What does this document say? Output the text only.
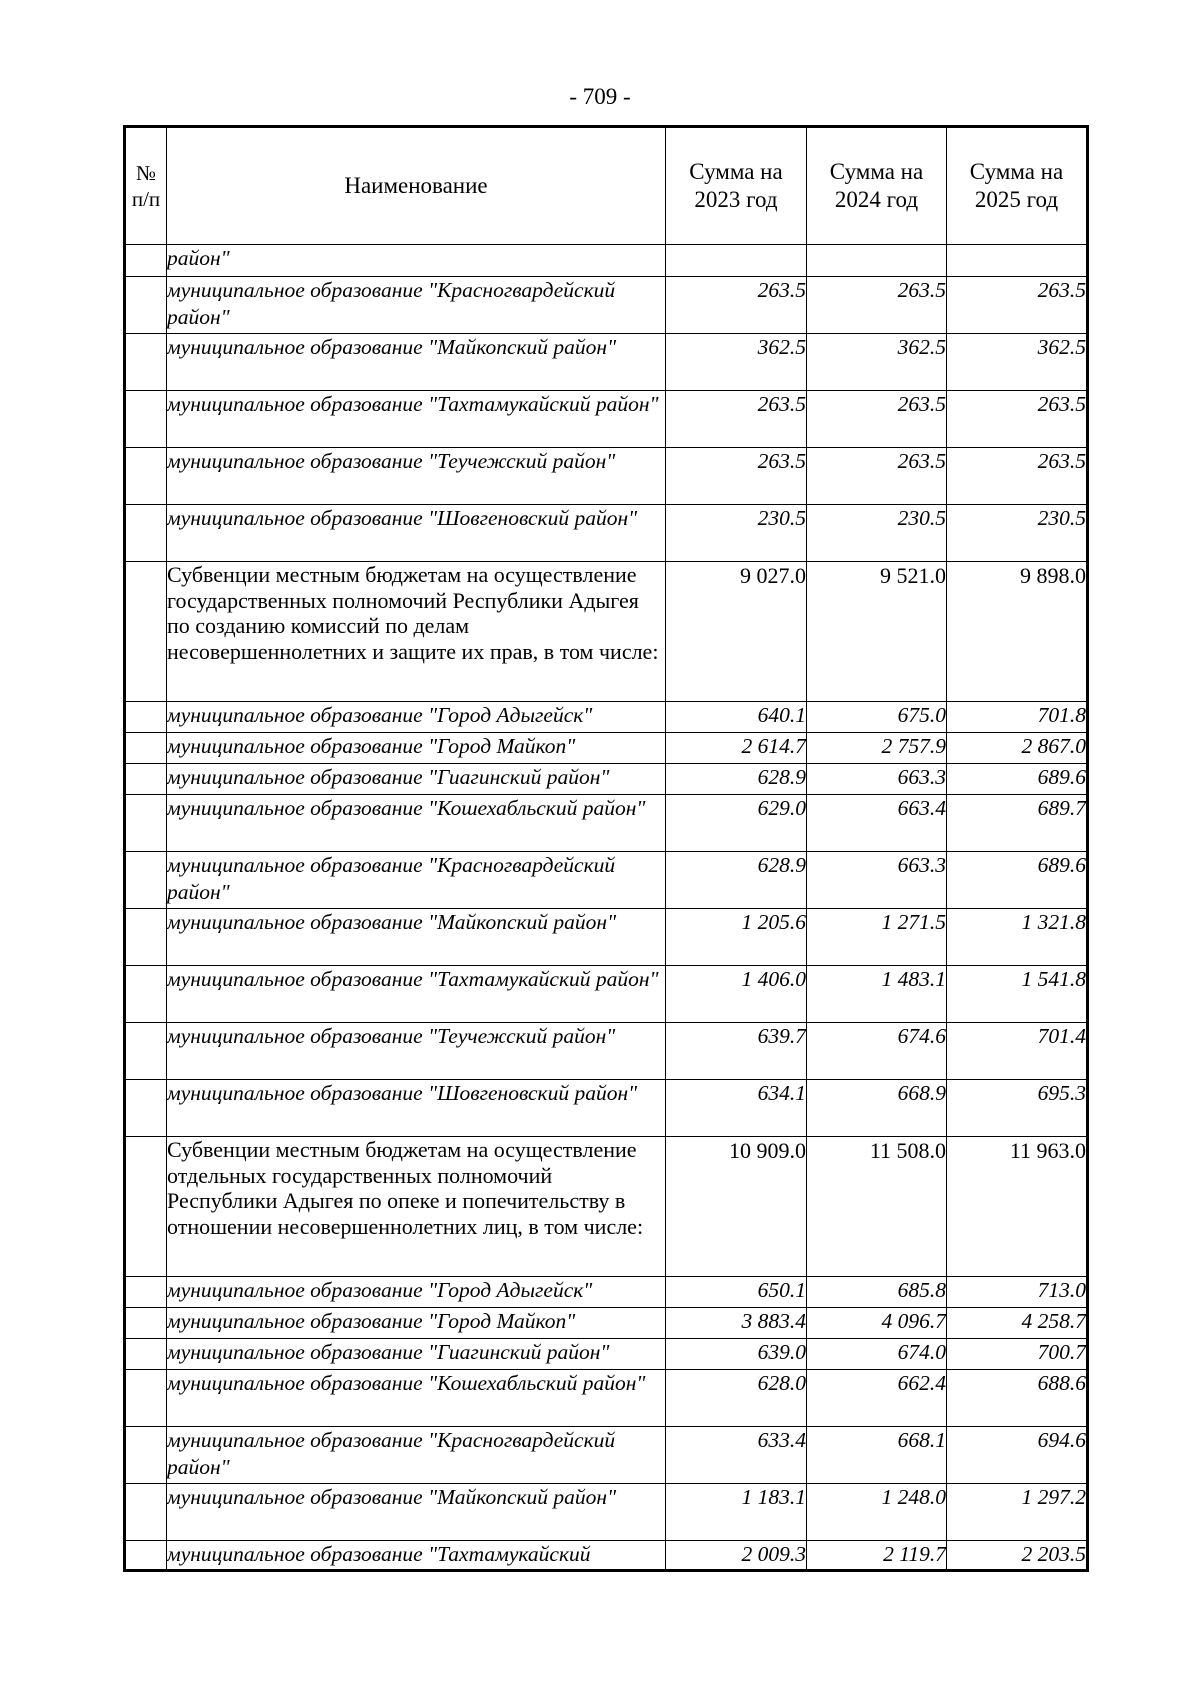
- 709 -
№ п/п	Наименование	Сумма на 2023 год	Сумма на 2024 год	Сумма на 2025 год
	район"			
	муниципальное образование "Красногвардейский район"	263.5	263.5	263.5
	муниципальное образование "Майкопский район"	362.5	362.5	362.5
	муниципальное образование "Тахтамукайский район"	263.5	263.5	263.5
	муниципальное образование "Теучежский район"	263.5	263.5	263.5
	муниципальное образование "Шовгеновский район"	230.5	230.5	230.5
	Субвенции местным бюджетам на осуществление государственных полномочий Республики Адыгея по созданию комиссий по делам несовершеннолетних и защите их прав, в том числе:	9 027.0	9 521.0	9 898.0
	муниципальное образование "Город Адыгейск"	640.1	675.0	701.8
	муниципальное образование "Город Майкоп"	2 614.7	2 757.9	2 867.0
	муниципальное образование "Гиагинский район"	628.9	663.3	689.6
	муниципальное образование "Кошехабльский район"	629.0	663.4	689.7
	муниципальное образование "Красногвардейский район"	628.9	663.3	689.6
	муниципальное образование "Майкопский район"	1 205.6	1 271.5	1 321.8
	муниципальное образование "Тахтамукайский район"	1 406.0	1 483.1	1 541.8
	муниципальное образование "Теучежский район"	639.7	674.6	701.4
	муниципальное образование "Шовгеновский район"	634.1	668.9	695.3
	Субвенции местным бюджетам на осуществление отдельных государственных полномочий Республики Адыгея по опеке и попечительству в отношении несовершеннолетних лиц, в том числе:	10 909.0	11 508.0	11 963.0
	муниципальное образование "Город Адыгейск"	650.1	685.8	713.0
	муниципальное образование "Город Майкоп"	3 883.4	4 096.7	4 258.7
	муниципальное образование "Гиагинский район"	639.0	674.0	700.7
	муниципальное образование "Кошехабльский район"	628.0	662.4	688.6
	муниципальное образование "Красногвардейский район"	633.4	668.1	694.6
	муниципальное образование "Майкопский район"	1 183.1	1 248.0	1 297.2
	муниципальное образование "Тахтамукайский	2 009.3	2 119.7	2 203.5
